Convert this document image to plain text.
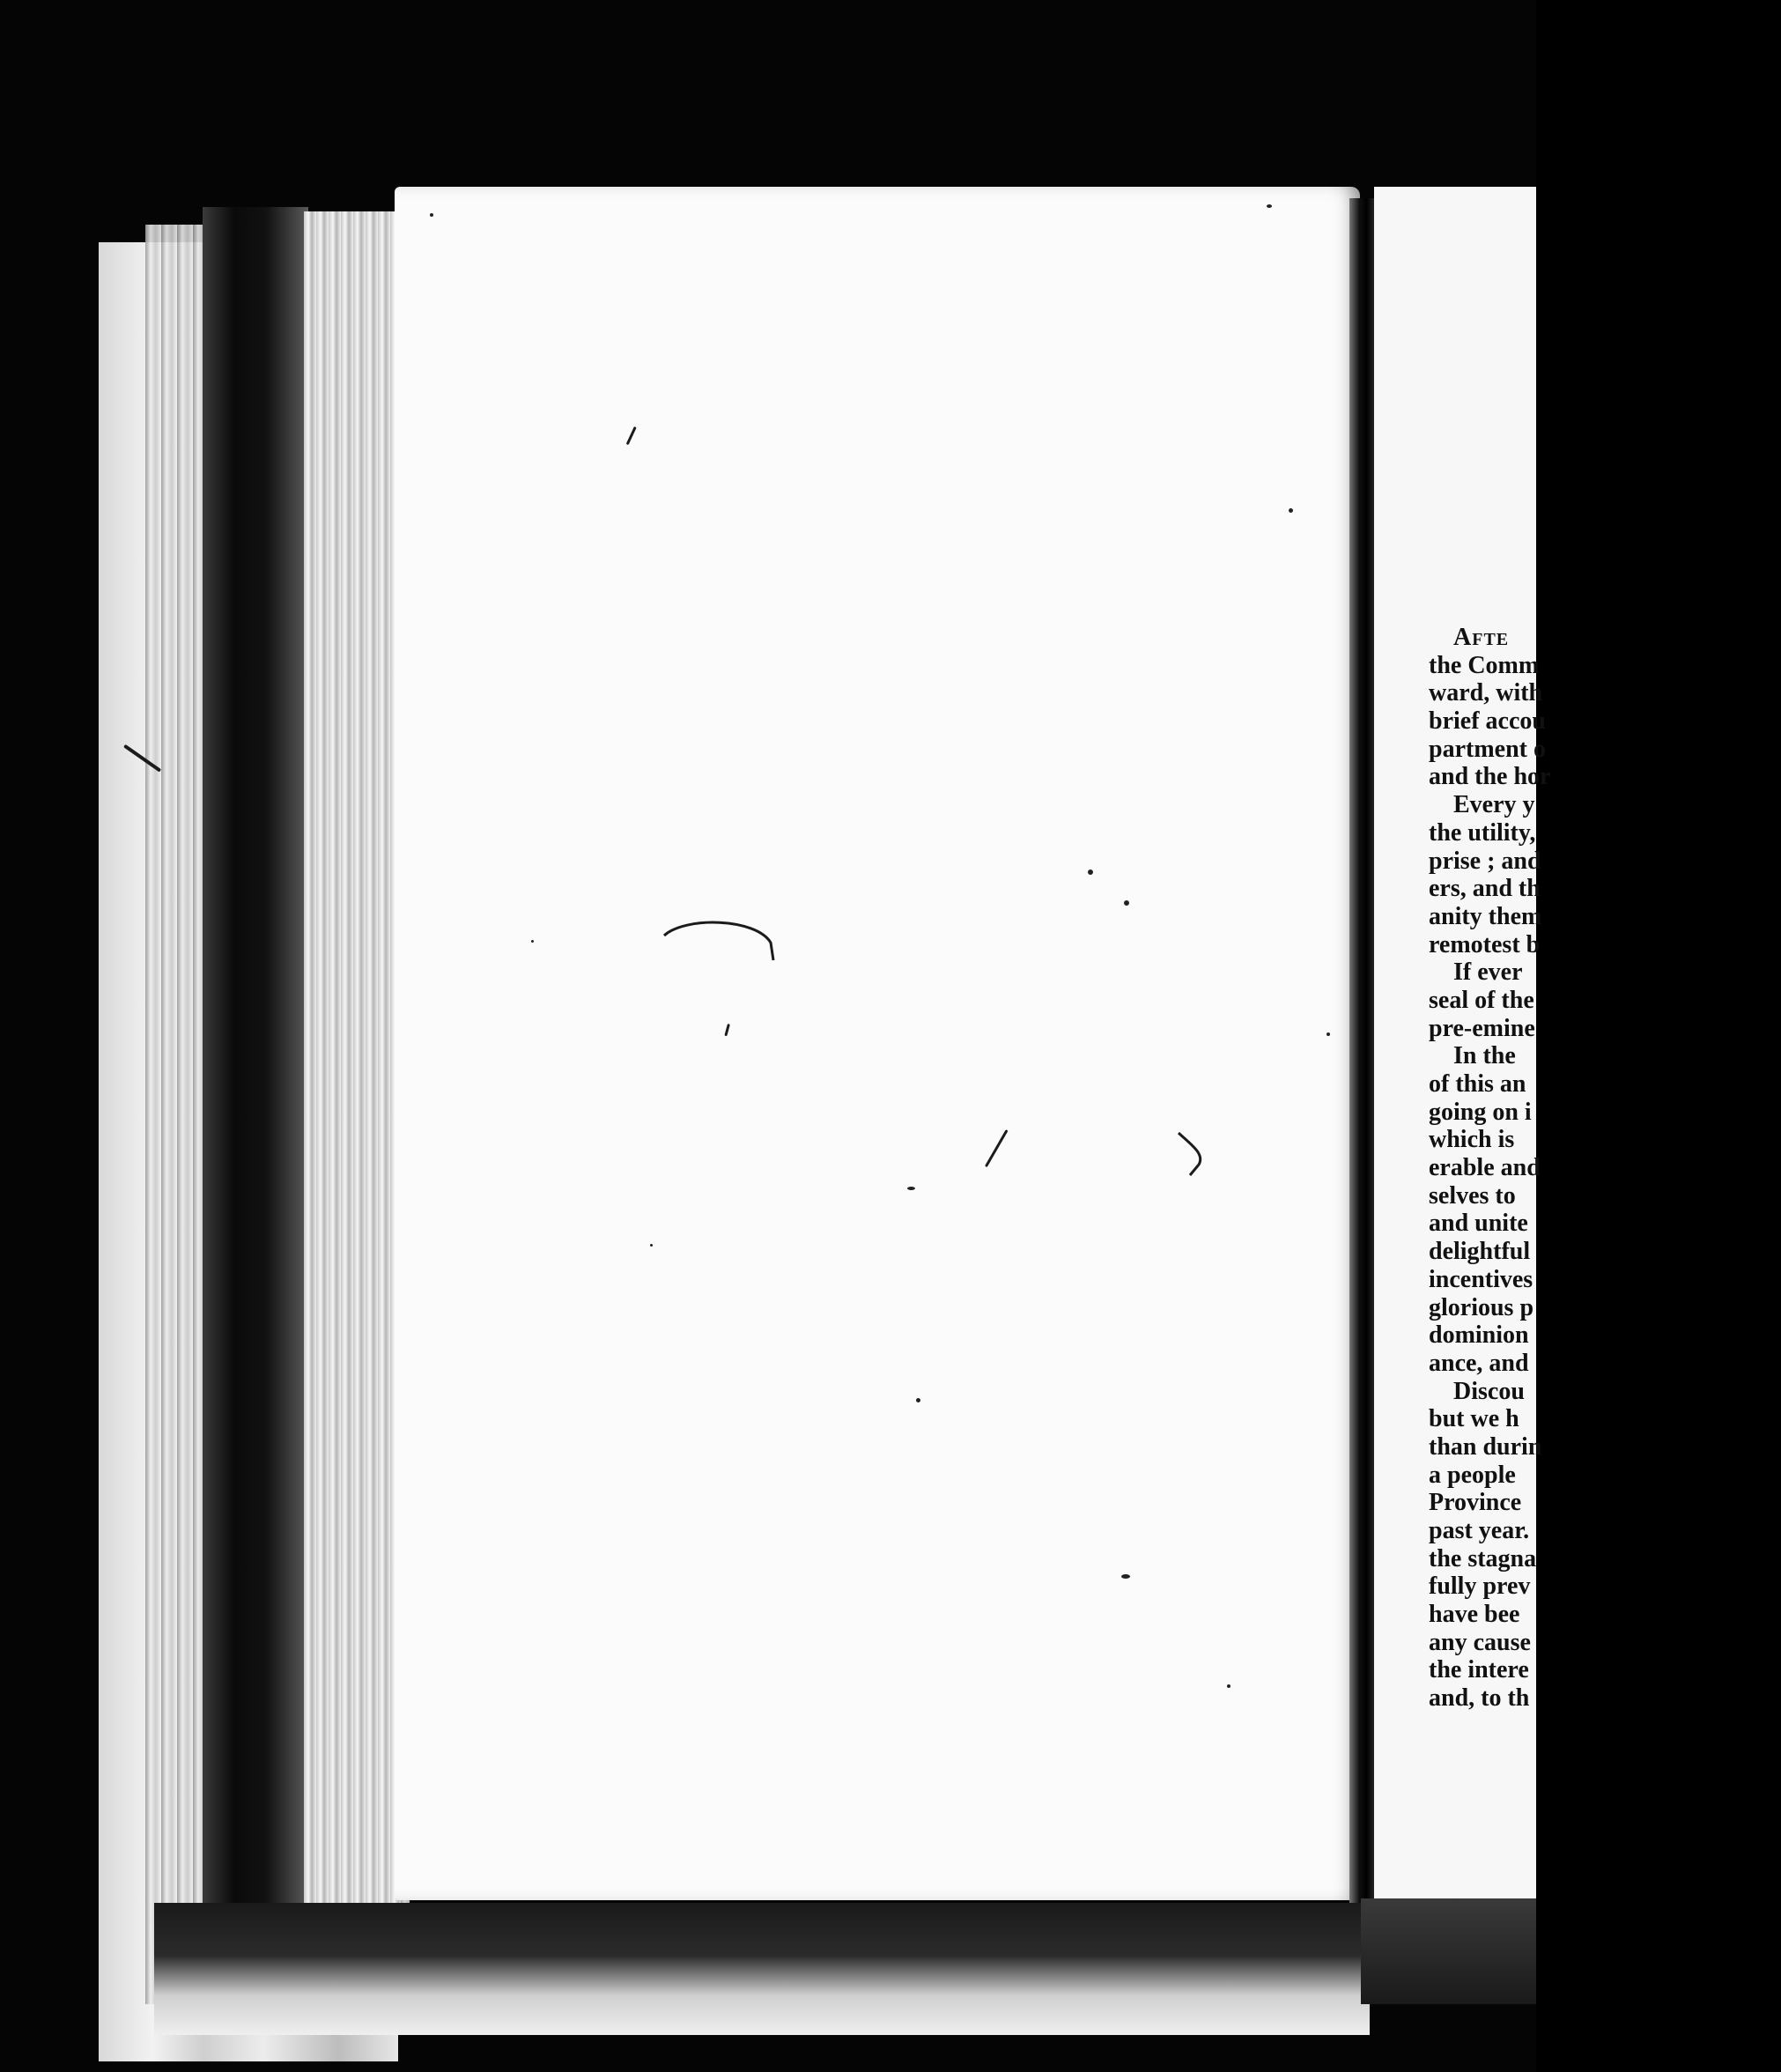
Afte
the Comm
ward, with
brief accou
partment o
and the hor
Every y
the utility,
prise ; and
ers, and th
anity them
remotest b
If ever
seal of the
pre-emine
In the
of this an
going on i
which is
erable and
selves to
and unite
delightful
incentives
glorious p
dominion
ance, and
Discou
but we h
than durin
a people
Province
past year.
the stagna
fully prev
have bee
any cause
the intere
and, to th
